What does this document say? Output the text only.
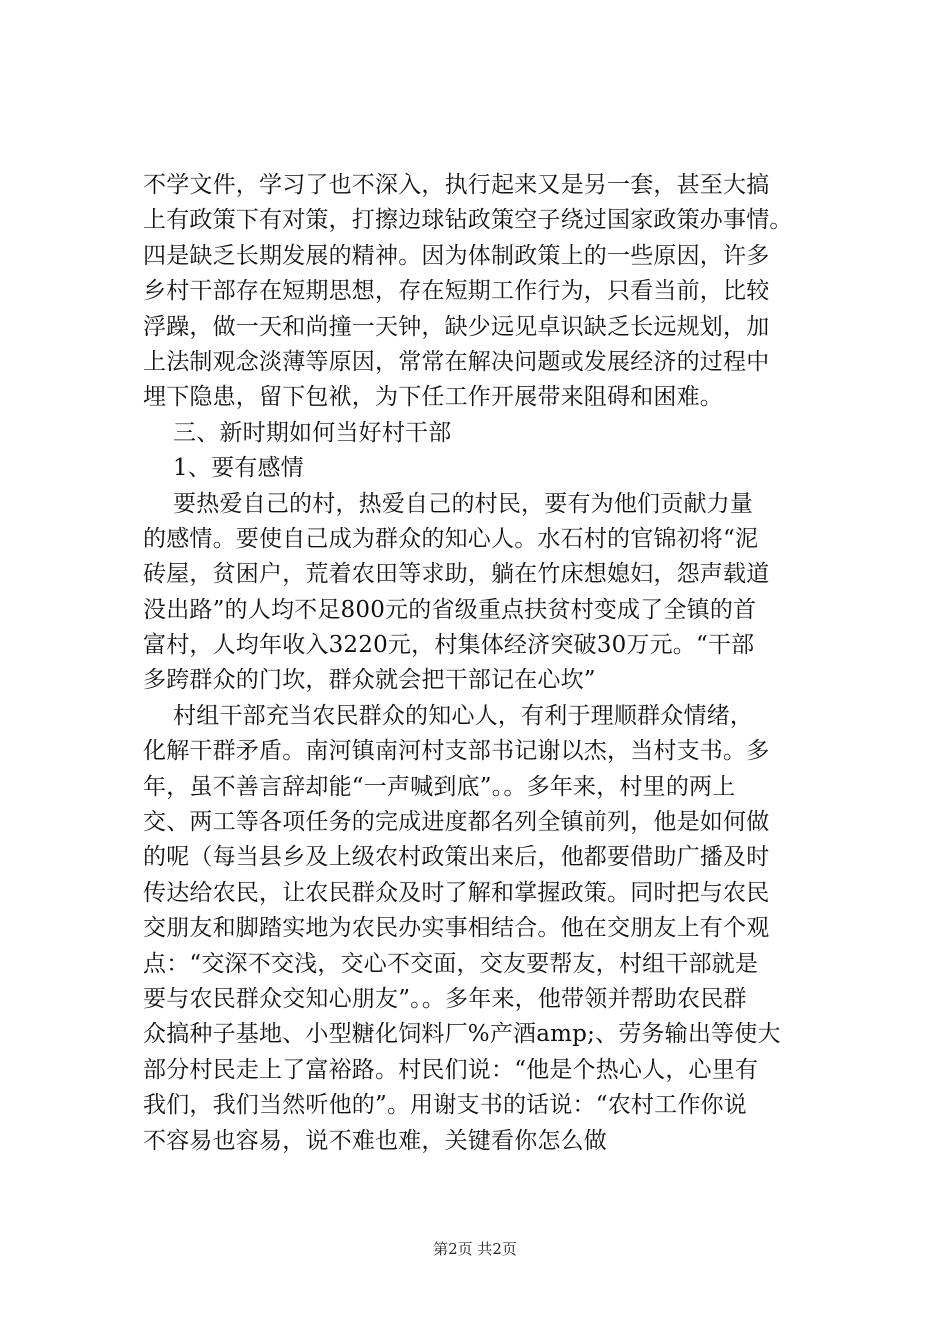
不学文件，学习了也不深入，执行起来又是另一套，甚至大搞
上有政策下有对策，打擦边球钻政策空子绕过国家政策办事情。
四是缺乏长期发展的精神。因为体制政策上的一些原因，许多
乡村干部存在短期思想，存在短期工作行为，只看当前，比较
浮躁，做一天和尚撞一天钟，缺少远见卓识缺乏长远规划，加
上法制观念淡薄等原因，常常在解决问题或发展经济的过程中
埋下隐患，留下包袱，为下任工作开展带来阻碍和困难。
三、新时期如何当好村干部
1、要有感情
要热爱自己的村，热爱自己的村民，要有为他们贡献力量
的感情。要使自己成为群众的知心人。水石村的官锦初将“泥
砖屋，贫困户，荒着农田等求助，躺在竹床想媳妇，怨声载道
没出路”的人均不足800元的省级重点扶贫村变成了全镇的首
富村，人均年收入3220元，村集体经济突破30万元。“干部
多跨群众的门坎，群众就会把干部记在心坎”
村组干部充当农民群众的知心人，有利于理顺群众情绪，
化解干群矛盾。南河镇南河村支部书记谢以杰，当村支书。多
年，虽不善言辞却能“一声喊到底”。。多年来，村里的两上
交、两工等各项任务的完成进度都名列全镇前列，他是如何做
的呢（每当县乡及上级农村政策出来后，他都要借助广播及时
传达给农民，让农民群众及时了解和掌握政策。同时把与农民
交朋友和脚踏实地为农民办实事相结合。他在交朋友上有个观
点：“交深不交浅，交心不交面，交友要帮友，村组干部就是
要与农民群众交知心朋友”。。多年来，他带领并帮助农民群
众搞种子基地、小型糖化饲料厂%产酒amp;、劳务输出等使大
部分村民走上了富裕路。村民们说：“他是个热心人，心里有
我们，我们当然听他的”。用谢支书的话说：“农村工作你说
不容易也容易，说不难也难，关键看你怎么做
第2页 共2页
